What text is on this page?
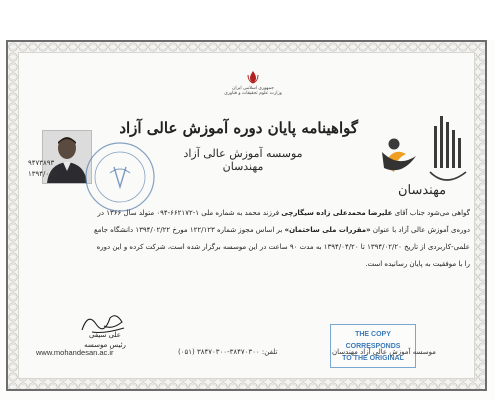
جمهوری اسلامی ایران
وزارت علوم تحقیقات و فناوری
گواهینامه پایان دوره آموزش عالی آزاد
موسسه آموزش عالی آزاد مهندسان
۹۴۷۳۸۹۳
۱۳۹۴/۰۶/۱۰
مهندسان
گواهی می‌شود جناب آقای علیرضا محمدعلی زاده سیگارچی فرزند محمد به شماره ملی ۱-۶۶۲۱۷۲-۰۹۴ متولد سال ۱۳۶۶ در
دوره‌ی آموزش عالی آزاد با عنوان «مقررات ملی ساختمان» بر اساس مجوز شماره ۱۲۲/۱۲۳ مورخ ۱۳۹۴/۰۲/۲۲ دانشگاه جامع
علمی-کاربردی از تاریخ ۱۳۹۴/۰۲/۲۰ تا ۱۳۹۴/۰۴/۲۰ به مدت ۹۰ ساعت در این موسسه برگزار شده است، شرکت کرده و این دوره
را با موفقیت به پایان رسانیده است.
علی سیفی
رئیس موسسه
THE COPY
CORRESPONDS
TO THE ORIGINAL
www.mohandesan.ac.ir	تلفن: ۳۸۴۷۰۳۰۰-۳۸۴۷۰۳۰۰ (۰۵۱)	موسسه آموزش عالی آزاد مهندسان
